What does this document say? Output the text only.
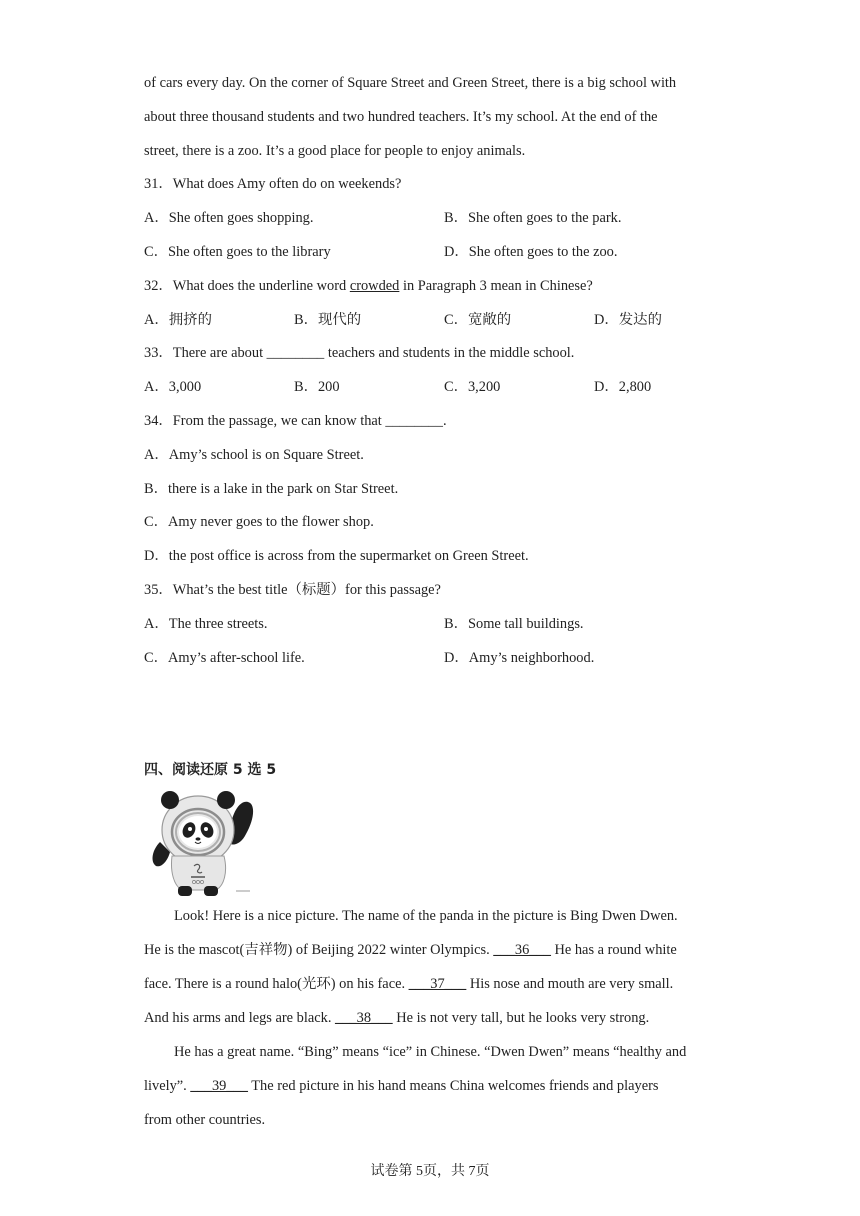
of cars every day. On the corner of Square Street and Green Street, there is a big school with
about three thousand students and two hundred teachers. It’s my school. At the end of the
street, there is a zoo. It’s a good place for people to enjoy animals.
31．What does Amy often do on weekends?
A．She often goes shopping.	B．She often goes to the park.
C．She often goes to the library	D．She often goes to the zoo.
32．What does the underline word crowded in Paragraph 3 mean in Chinese?
A．拥挤的	B．现代的	C．宽敞的	D．发达的
33．There are about ________ teachers and students in the middle school.
A．3,000	B．200	C．3,200	D．2,800
34．From the passage, we can know that ________.
A．Amy’s school is on Square Street.
B．there is a lake in the park on Star Street.
C．Amy never goes to the flower shop.
D．the post office is across from the supermarket on Green Street.
35．What’s the best title（标题）for this passage?
A．The three streets.	B．Some tall buildings.
C．Amy’s after-school life.	D．Amy’s neighborhood.
四、阅读还原 5 选 5
Look! Here is a nice picture. The name of the panda in the picture is Bing Dwen Dwen.
He is the mascot(吉祥物) of Beijing 2022 winter Olympics. ___36___ He has a round white
face. There is a round halo(光环) on his face. ___37___ His nose and mouth are very small.
And his arms and legs are black. ___38___ He is not very tall, but he looks very strong.
He has a great name. “Bing” means “ice” in Chinese. “Dwen Dwen” means “healthy and
lively”. ___39___ The red picture in his hand means China welcomes friends and players
from other countries.
试卷第 5页，共 7页
